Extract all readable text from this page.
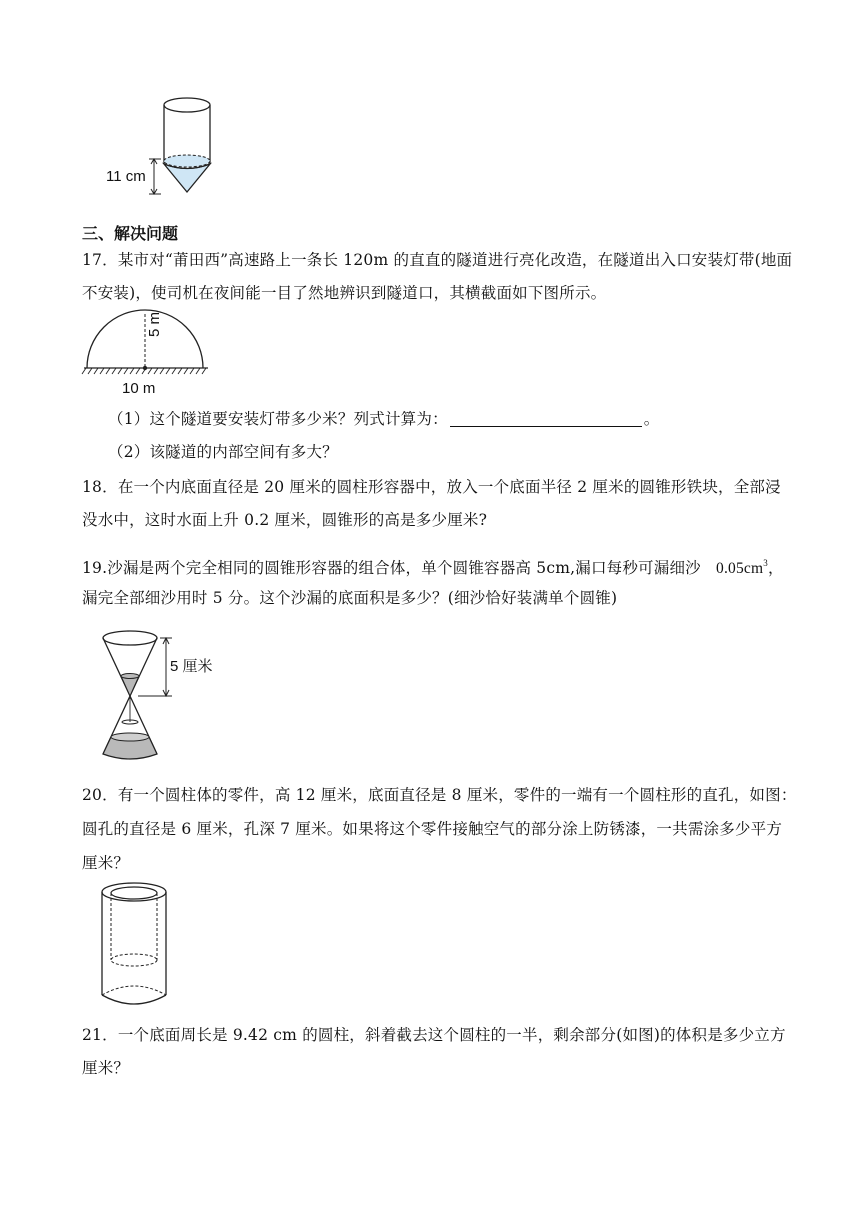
11 cm
三、解决问题
17．某市对“莆田西”高速路上一条长 120m 的直直的隧道进行亮化改造，在隧道出入口安装灯带(地面
不安装)，使司机在夜间能一目了然地辨识到隧道口，其横截面如下图所示。
5 m
10 m
（1）这个隧道要安装灯带多少米？列式计算为：	。
（2）该隧道的内部空间有多大？
18．在一个内底面直径是 20 厘米的圆柱形容器中，放入一个底面半径 2 厘米的圆锥形铁块，全部浸
没水中，这时水面上升 0.2 厘米，圆锥形的高是多少厘米?
19.沙漏是两个完全相同的圆锥形容器的组合体，单个圆锥容器高 5cm,漏口每秒可漏细沙 $0.05cm^3$，
漏完全部细沙用时 5 分。这个沙漏的底面积是多少？(细沙恰好装满单个圆锥)
5 厘米
20．有一个圆柱体的零件，高 12 厘米，底面直径是 8 厘米，零件的一端有一个圆柱形的直孔，如图：
圆孔的直径是 6 厘米，孔深 7 厘米。如果将这个零件接触空气的部分涂上防锈漆，一共需涂多少平方
厘米？
21．一个底面周长是 9.42 cm 的圆柱，斜着截去这个圆柱的一半，剩余部分(如图)的体积是多少立方
厘米？
